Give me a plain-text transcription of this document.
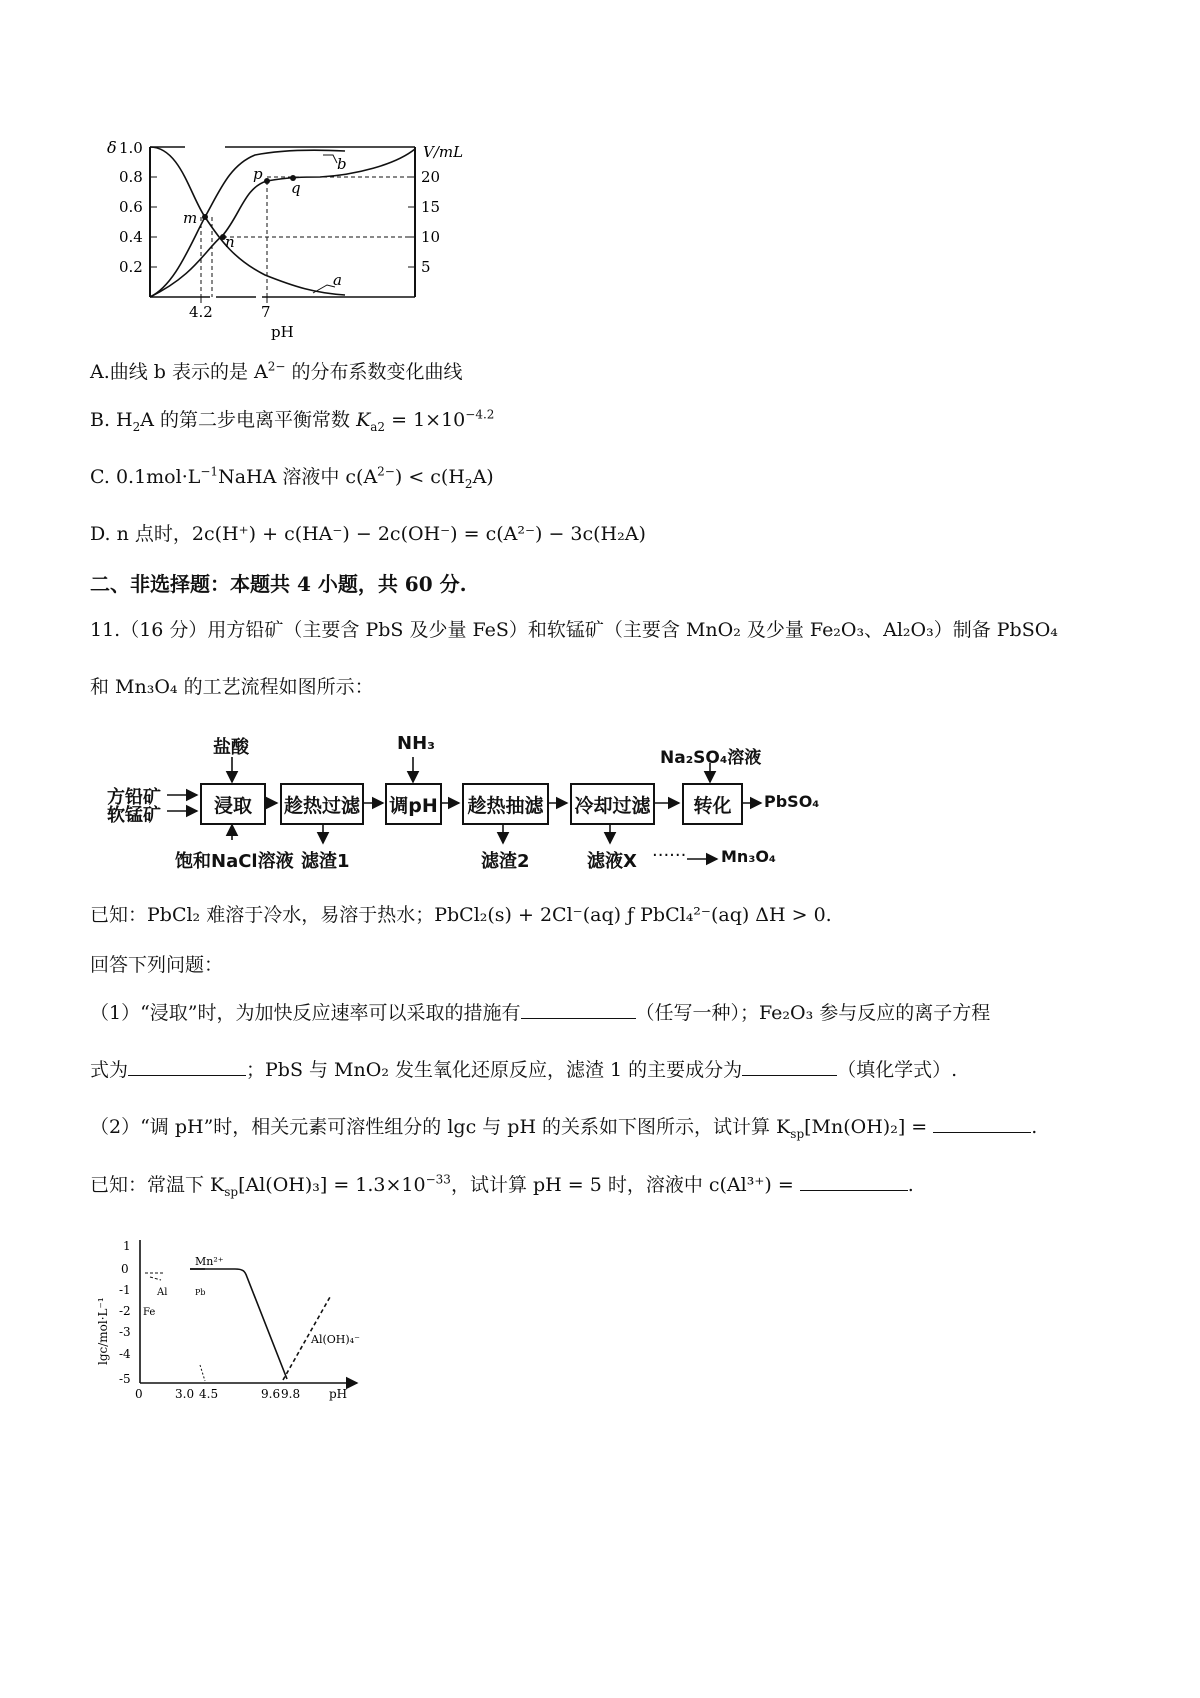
δ 1.0
0.8
0.6
0.4
0.2
V/mL
20
15
10
5
m
n
p
q
b
a
4.2	7
pH
A.曲线 b 表示的是 $A^{2-}$ 的分布系数变化曲线
B. $H_2A$ 的第二步电离平衡常数 $K_{a2} = 1\times 10^{-4.2}$
C. $0.1mol\cdot L^{-1}NaHA$ 溶液中 $c(A^{2-}) < c(H_2A)$
D. n 点时，2c(H⁺) + c(HA⁻) − 2c(OH⁻) = c(A²⁻) − 3c(H₂A)
二、非选择题：本题共 4 小题，共 60 分.
11.（16 分）用方铅矿（主要含 PbS 及少量 FeS）和软锰矿（主要含 MnO₂ 及少量 Fe₂O₃、Al₂O₃）制备 PbSO₄
和 Mn₃O₄ 的工艺流程如图所示：
方铅矿
软锰矿
盐酸
饱和NaCl溶液
浸取	趁热过滤
滤渣1
NH₃
调pH 趁热抽滤
滤渣2
冷却过滤
滤液X ······ Mn₃O₄
Na₂SO₄溶液
转化	PbSO₄
已知：PbCl₂ 难溶于冷水，易溶于热水；PbCl₂(s) + 2Cl⁻(aq) ƒ PbCl₄²⁻(aq) ΔH > 0.
回答下列问题：
（1）“浸取”时，为加快反应速率可以采取的措施有	（任写一种）；Fe₂O₃ 参与反应的离子方程
式为	；PbS 与 MnO₂ 发生氧化还原反应，滤渣 1 的主要成分为	（填化学式）.
（2）“调 pH”时，相关元素可溶性组分的 lgc 与 pH 的关系如下图所示，试计算 $K_{sp}[Mn(OH)_2]$ =	.
已知：常温下 $K_{sp}[Al(OH)_3] = 1.3\times 10^{-33}$，试计算 pH = 5 时，溶液中 c(Al³⁺) =	.
lgc/mol·L⁻¹
1
0
-1
-2
-3
-4
-5
Mn²⁺
Al(OH)₄⁻
Fe
Al	Pb
0	3.0 4.5	9.6 9.8 pH
